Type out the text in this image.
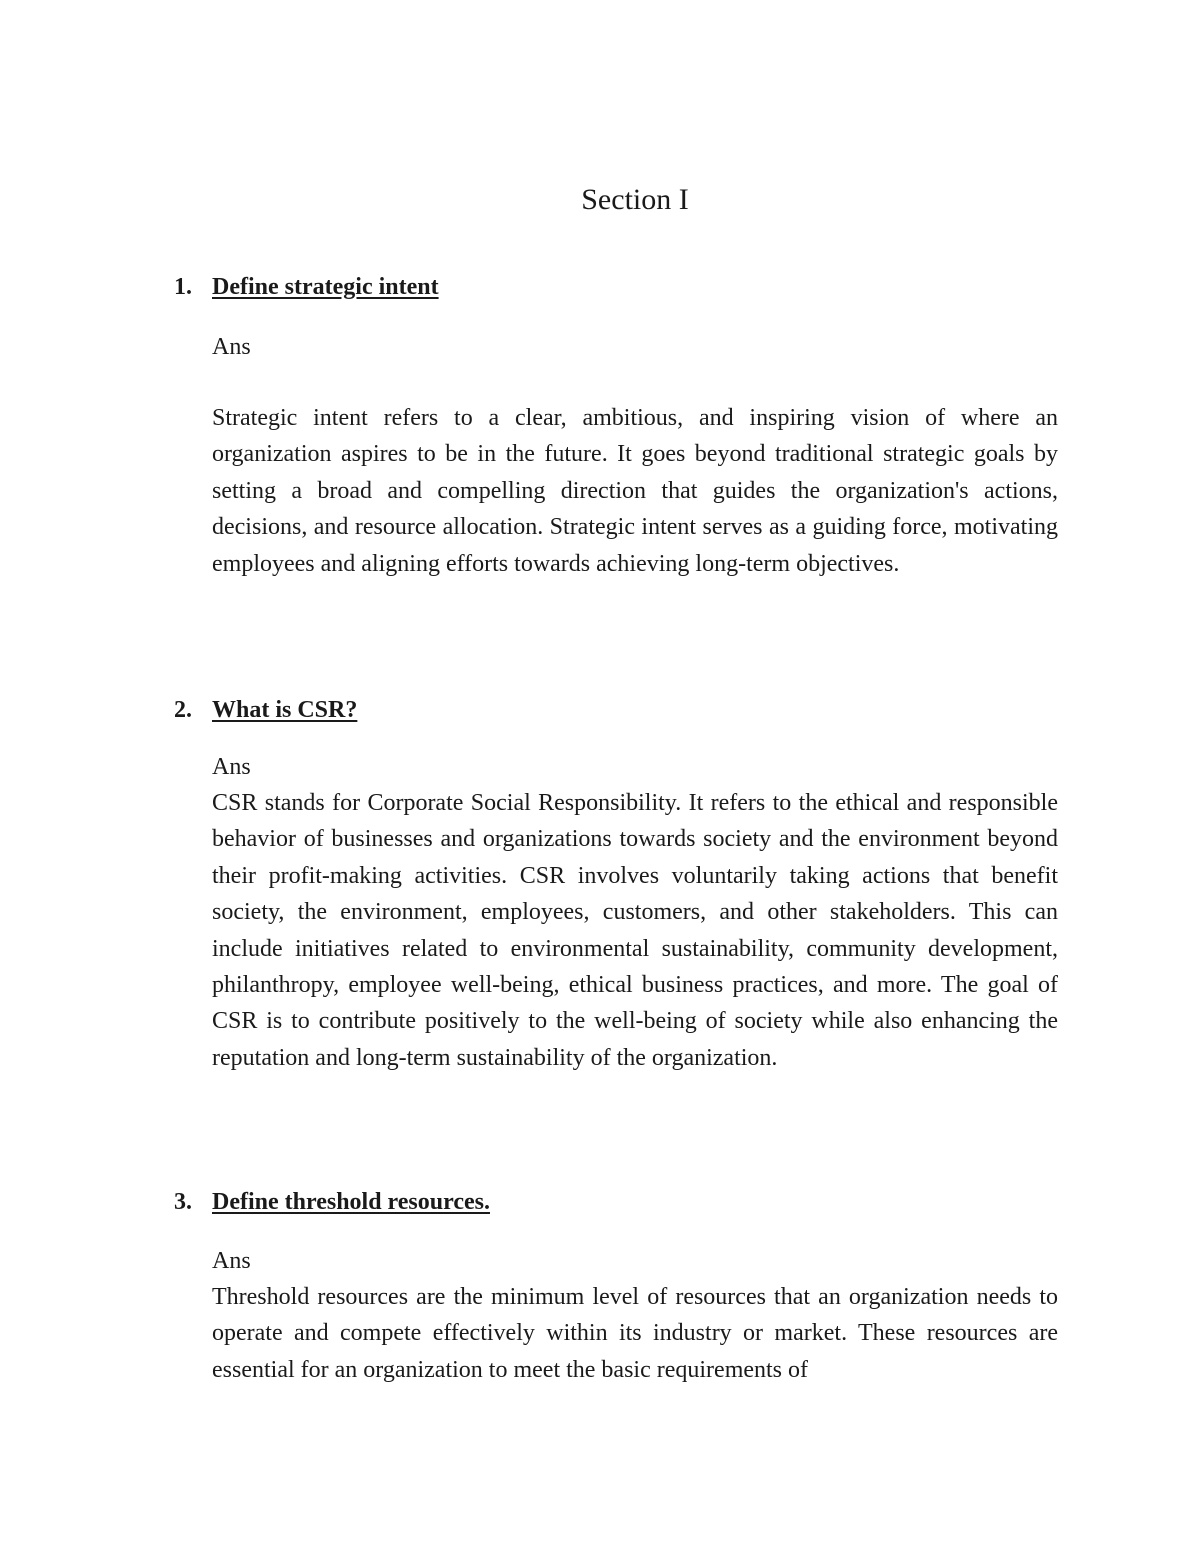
Section I
1. Define strategic intent
Ans
Strategic intent refers to a clear, ambitious, and inspiring vision of where an organization aspires to be in the future. It goes beyond traditional strategic goals by setting a broad and compelling direction that guides the organization's actions, decisions, and resource allocation. Strategic intent serves as a guiding force, motivating employees and aligning efforts towards achieving long-term objectives.
2. What is CSR?
Ans
CSR stands for Corporate Social Responsibility. It refers to the ethical and responsible behavior of businesses and organizations towards society and the environment beyond their profit-making activities. CSR involves voluntarily taking actions that benefit society, the environment, employees, customers, and other stakeholders. This can include initiatives related to environmental sustainability, community development, philanthropy, employee well-being, ethical business practices, and more. The goal of CSR is to contribute positively to the well-being of society while also enhancing the reputation and long-term sustainability of the organization.
3. Define threshold resources.
Ans
Threshold resources are the minimum level of resources that an organization needs to operate and compete effectively within its industry or market. These resources are essential for an organization to meet the basic requirements of
